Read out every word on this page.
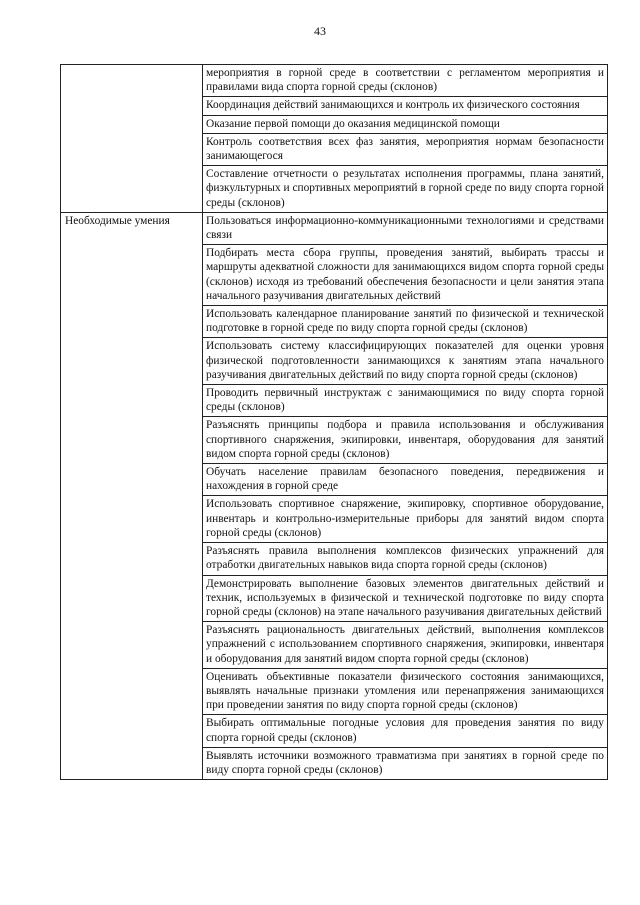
43
	мероприятия в горной среде в соответствии с регламентом мероприятия и правилами вида спорта горной среды (склонов)
	Координация действий занимающихся и контроль их физического состояния
	Оказание первой помощи до оказания медицинской помощи
	Контроль соответствия всех фаз занятия, мероприятия нормам безопасности занимающегося
	Составление отчетности о результатах исполнения программы, плана занятий, физкультурных и спортивных мероприятий в горной среде по виду спорта горной среды (склонов)
Необходимые умения	Пользоваться информационно-коммуникационными технологиями и средствами связи
	Подбирать места сбора группы, проведения занятий, выбирать трассы и маршруты адекватной сложности для занимающихся видом спорта горной среды (склонов) исходя из требований обеспечения безопасности и цели занятия этапа начального разучивания двигательных действий
	Использовать календарное планирование занятий по физической и технической подготовке в горной среде по виду спорта горной среды (склонов)
	Использовать систему классифицирующих показателей для оценки уровня физической подготовленности занимающихся к занятиям этапа начального разучивания двигательных действий по виду спорта горной среды (склонов)
	Проводить первичный инструктаж с занимающимися по виду спорта горной среды (склонов)
	Разъяснять принципы подбора и правила использования и обслуживания спортивного снаряжения, экипировки, инвентаря, оборудования для занятий видом спорта горной среды (склонов)
	Обучать население правилам безопасного поведения, передвижения и нахождения в горной среде
	Использовать спортивное снаряжение, экипировку, спортивное оборудование, инвентарь и контрольно-измерительные приборы для занятий видом спорта горной среды (склонов)
	Разъяснять правила выполнения комплексов физических упражнений для отработки двигательных навыков вида спорта горной среды (склонов)
	Демонстрировать выполнение базовых элементов двигательных действий и техник, используемых в физической и технической подготовке по виду спорта горной среды (склонов) на этапе начального разучивания двигательных действий
	Разъяснять рациональность двигательных действий, выполнения комплексов упражнений с использованием спортивного снаряжения, экипировки, инвентаря и оборудования для занятий видом спорта горной среды (склонов)
	Оценивать объективные показатели физического состояния занимающихся, выявлять начальные признаки утомления или перенапряжения занимающихся при проведении занятия по виду спорта горной среды (склонов)
	Выбирать оптимальные погодные условия для проведения занятия по виду спорта горной среды (склонов)
	Выявлять источники возможного травматизма при занятиях в горной среде по виду спорта горной среды (склонов)
